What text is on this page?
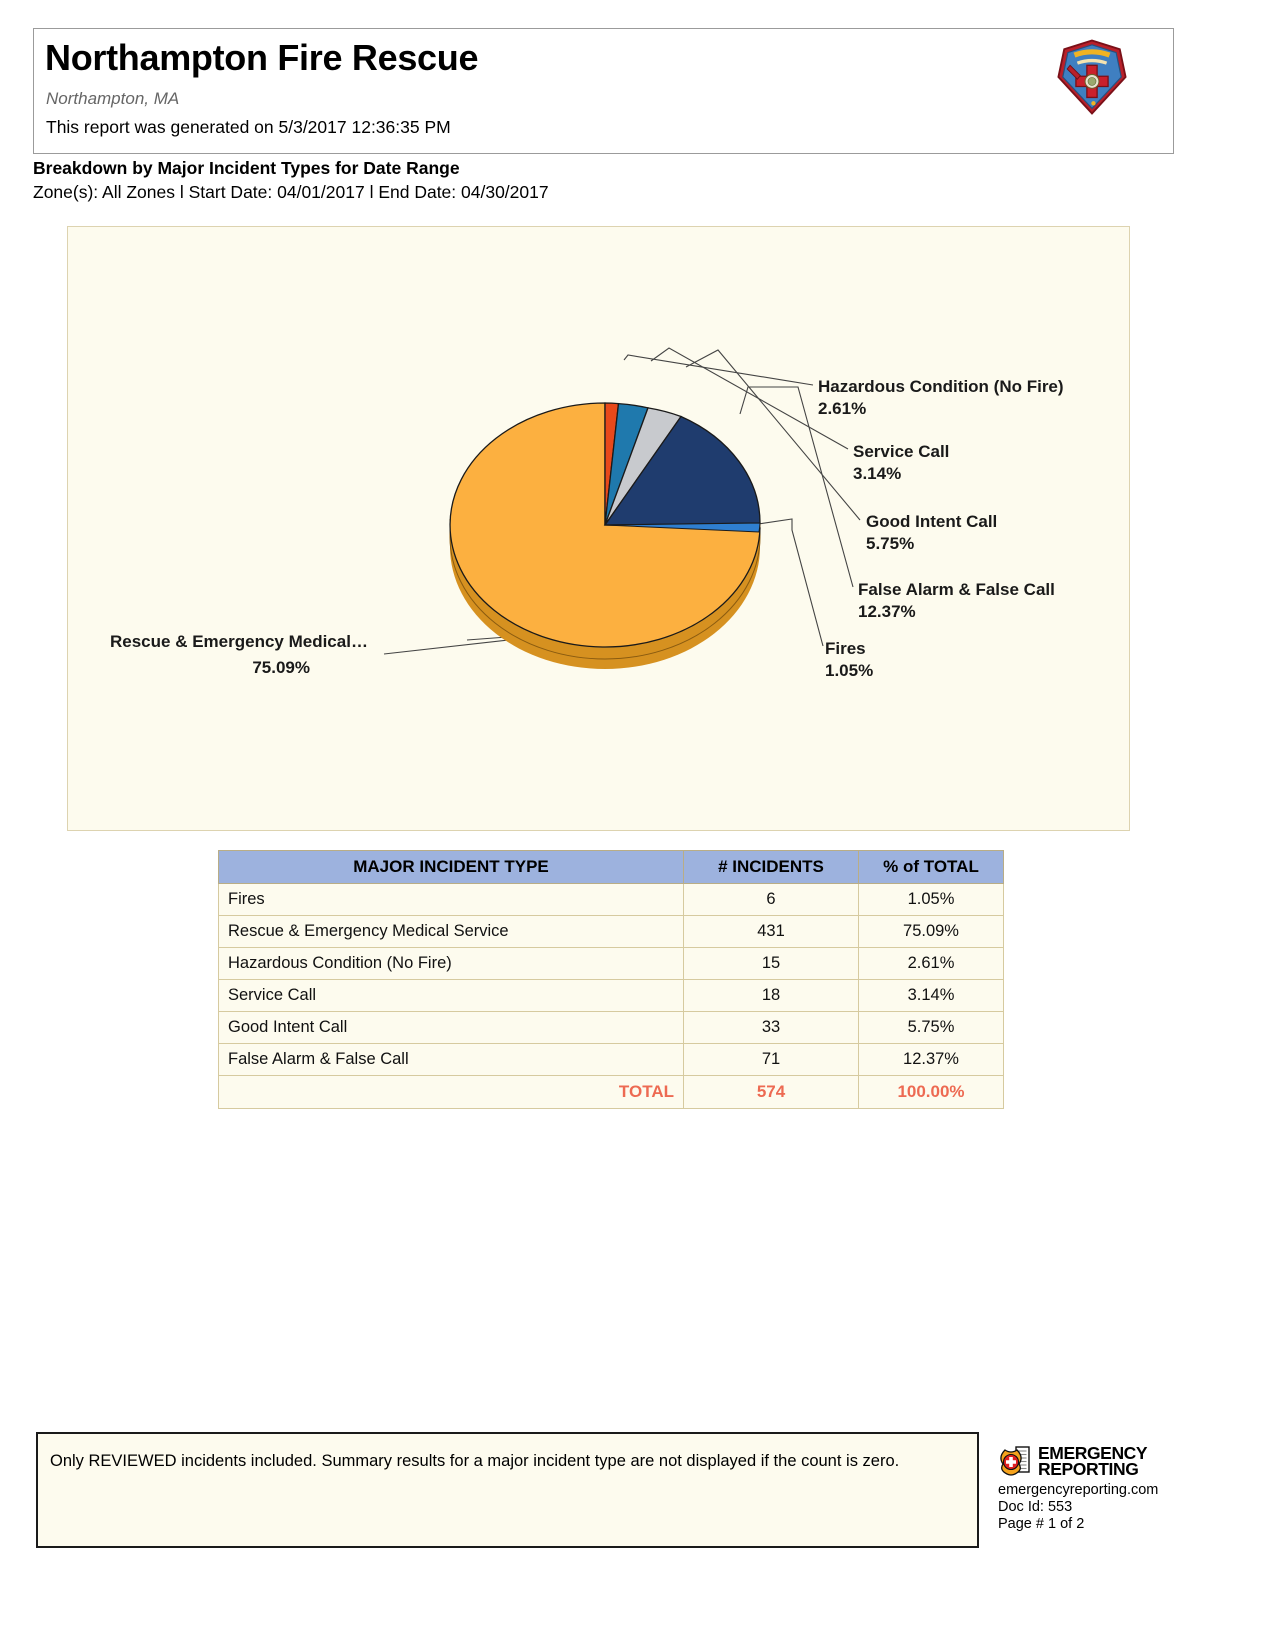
Northampton Fire Rescue
Northampton, MA
This report was generated on 5/3/2017 12:36:35 PM
Breakdown by Major Incident Types for Date Range
Zone(s): All Zones l Start Date: 04/01/2017 l End Date: 04/30/2017
Hazardous Condition (No Fire)
2.61%
Service Call
3.14%
Good Intent Call
5.75%
False Alarm & False Call
12.37%
Fires
1.05%
Rescue & Emergency Medical…
75.09%
MAJOR INCIDENT TYPE	# INCIDENTS	% of TOTAL
Fires	6	1.05%
Rescue & Emergency Medical Service	431	75.09%
Hazardous Condition (No Fire)	15	2.61%
Service Call	18	3.14%
Good Intent Call	33	5.75%
False Alarm & False Call	71	12.37%
TOTAL	574	100.00%
Only REVIEWED incidents included. Summary results for a major incident type are not displayed if the count is zero.	EMERGENCY
REPORTING
emergencyreporting.com
Doc Id: 553
Page # 1 of 2
